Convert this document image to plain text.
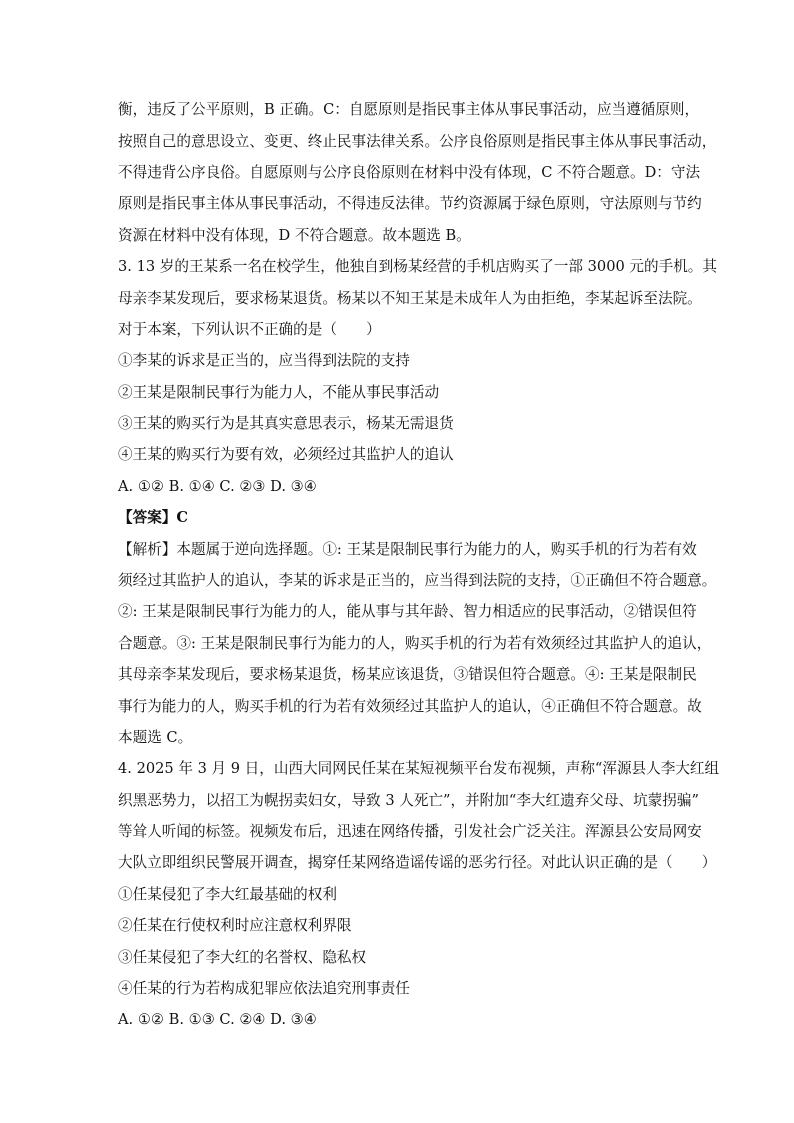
衡，违反了公平原则，B 正确。C：自愿原则是指民事主体从事民事活动，应当遵循原则，
按照自己的意思设立、变更、终止民事法律关系。公序良俗原则是指民事主体从事民事活动，
不得违背公序良俗。自愿原则与公序良俗原则在材料中没有体现，C 不符合题意。D：守法
原则是指民事主体从事民事活动，不得违反法律。节约资源属于绿色原则，守法原则与节约
资源在材料中没有体现，D 不符合题意。故本题选 B。
3. 13 岁的王某系一名在校学生，他独自到杨某经营的手机店购买了一部 3000 元的手机。其
母亲李某发现后，要求杨某退货。杨某以不知王某是未成年人为由拒绝，李某起诉至法院。
对于本案，下列认识不正确的是（　　）
①李某的诉求是正当的，应当得到法院的支持
②王某是限制民事行为能力人，不能从事民事活动
③王某的购买行为是其真实意思表示，杨某无需退货
④王某的购买行为要有效，必须经过其监护人的追认
A. ①② B. ①④ C. ②③ D. ③④
【答案】C
【解析】本题属于逆向选择题。①: 王某是限制民事行为能力的人，购买手机的行为若有效
须经过其监护人的追认，李某的诉求是正当的，应当得到法院的支持，①正确但不符合题意。
②: 王某是限制民事行为能力的人，能从事与其年龄、智力相适应的民事活动，②错误但符
合题意。③: 王某是限制民事行为能力的人，购买手机的行为若有效须经过其监护人的追认，
其母亲李某发现后，要求杨某退货，杨某应该退货，③错误但符合题意。④: 王某是限制民
事行为能力的人，购买手机的行为若有效须经过其监护人的追认，④正确但不符合题意。故
本题选 C。
4. 2025 年 3 月 9 日，山西大同网民任某在某短视频平台发布视频，声称“浑源县人李大红组
织黑恶势力，以招工为幌拐卖妇女，导致 3 人死亡”，并附加“李大红遗弃父母、坑蒙拐骗”
等耸人听闻的标签。视频发布后，迅速在网络传播，引发社会广泛关注。浑源县公安局网安
大队立即组织民警展开调查，揭穿任某网络造谣传谣的恶劣行径。对此认识正确的是（　　）
①任某侵犯了李大红最基础的权利
②任某在行使权利时应注意权利界限
③任某侵犯了李大红的名誉权、隐私权
④任某的行为若构成犯罪应依法追究刑事责任
A. ①② B. ①③ C. ②④ D. ③④
